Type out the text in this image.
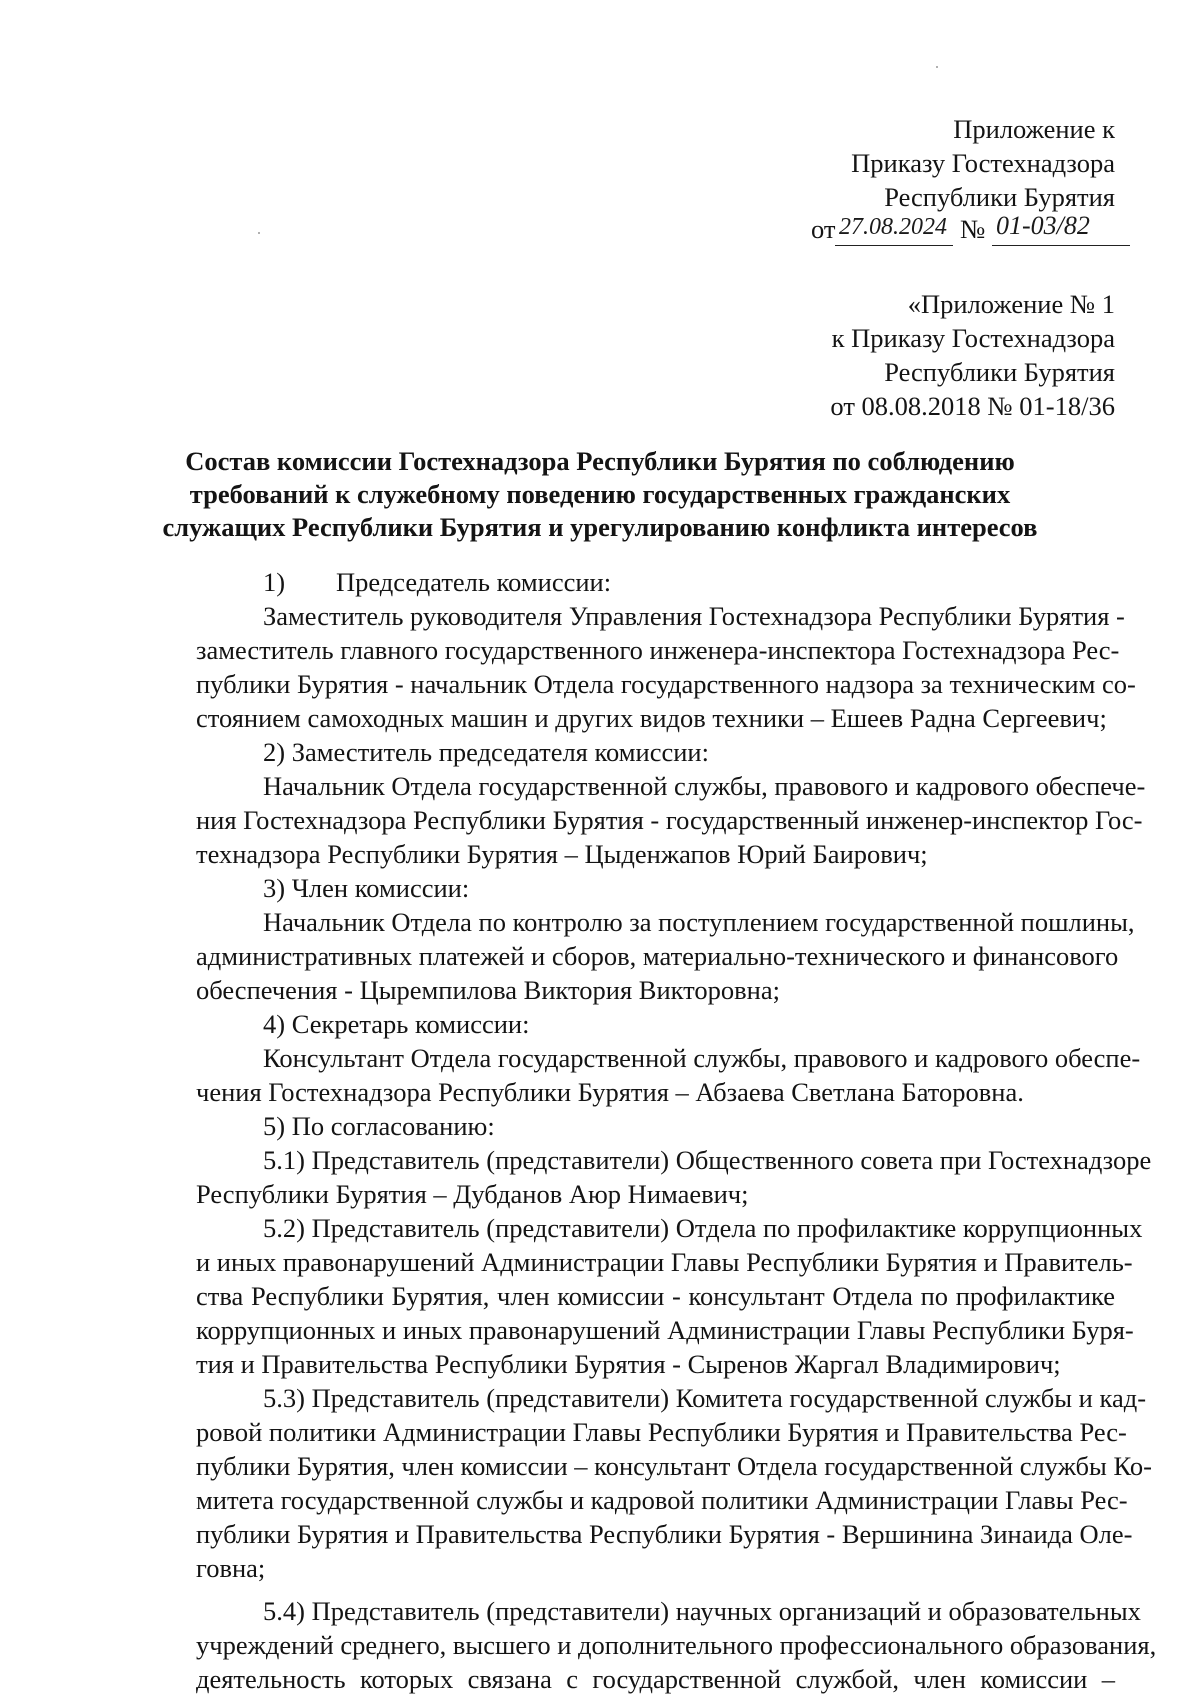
Приложение к
Приказу Гостехнадзора
Республики Бурятия
от 27.08.2024 № 01-03/82
«Приложение № 1
к Приказу Гостехнадзора
Республики Бурятия
от 08.08.2018 № 01-18/36
Состав комиссии Гостехнадзора Республики Бурятия по соблюдению
требований к служебному поведению государственных гражданских
служащих Республики Бурятия и урегулированию конфликта интересов
1) Председатель комиссии:
Заместитель руководителя Управления Гостехнадзора Республики Бурятия -
заместитель главного государственного инженера-инспектора Гостехнадзора Рес-
публики Бурятия - начальник Отдела государственного надзора за техническим со-
стоянием самоходных машин и других видов техники – Ешеев Радна Сергеевич;
2) Заместитель председателя комиссии:
Начальник Отдела государственной службы, правового и кадрового обеспече-
ния Гостехнадзора Республики Бурятия - государственный инженер-инспектор Гос-
технадзора Республики Бурятия – Цыденжапов Юрий Баирович;
3) Член комиссии:
Начальник Отдела по контролю за поступлением государственной пошлины,
административных платежей и сборов, материально-технического и финансового
обеспечения - Цыремпилова Виктория Викторовна;
4) Секретарь комиссии:
Консультант Отдела государственной службы, правового и кадрового обеспе-
чения Гостехнадзора Республики Бурятия – Абзаева Светлана Баторовна.
5) По согласованию:
5.1) Представитель (представители) Общественного совета при Гостехнадзоре
Республики Бурятия – Дубданов Аюр Нимаевич;
5.2) Представитель (представители) Отдела по профилактике коррупционных
и иных правонарушений Администрации Главы Республики Бурятия и Правитель-
ства Республики Бурятия, член комиссии - консультант Отдела по профилактике
коррупционных и иных правонарушений Администрации Главы Республики Буря-
тия и Правительства Республики Бурятия - Сыренов Жаргал Владимирович;
5.3) Представитель (представители) Комитета государственной службы и кад-
ровой политики Администрации Главы Республики Бурятия и Правительства Рес-
публики Бурятия, член комиссии – консультант Отдела государственной службы Ко-
митета государственной службы и кадровой политики Администрации Главы Рес-
публики Бурятия и Правительства Республики Бурятия - Вершинина Зинаида Оле-
говна;
5.4) Представитель (представители) научных организаций и образовательных
учреждений среднего, высшего и дополнительного профессионального образования,
деятельность которых связана с государственной службой, член комиссии –
